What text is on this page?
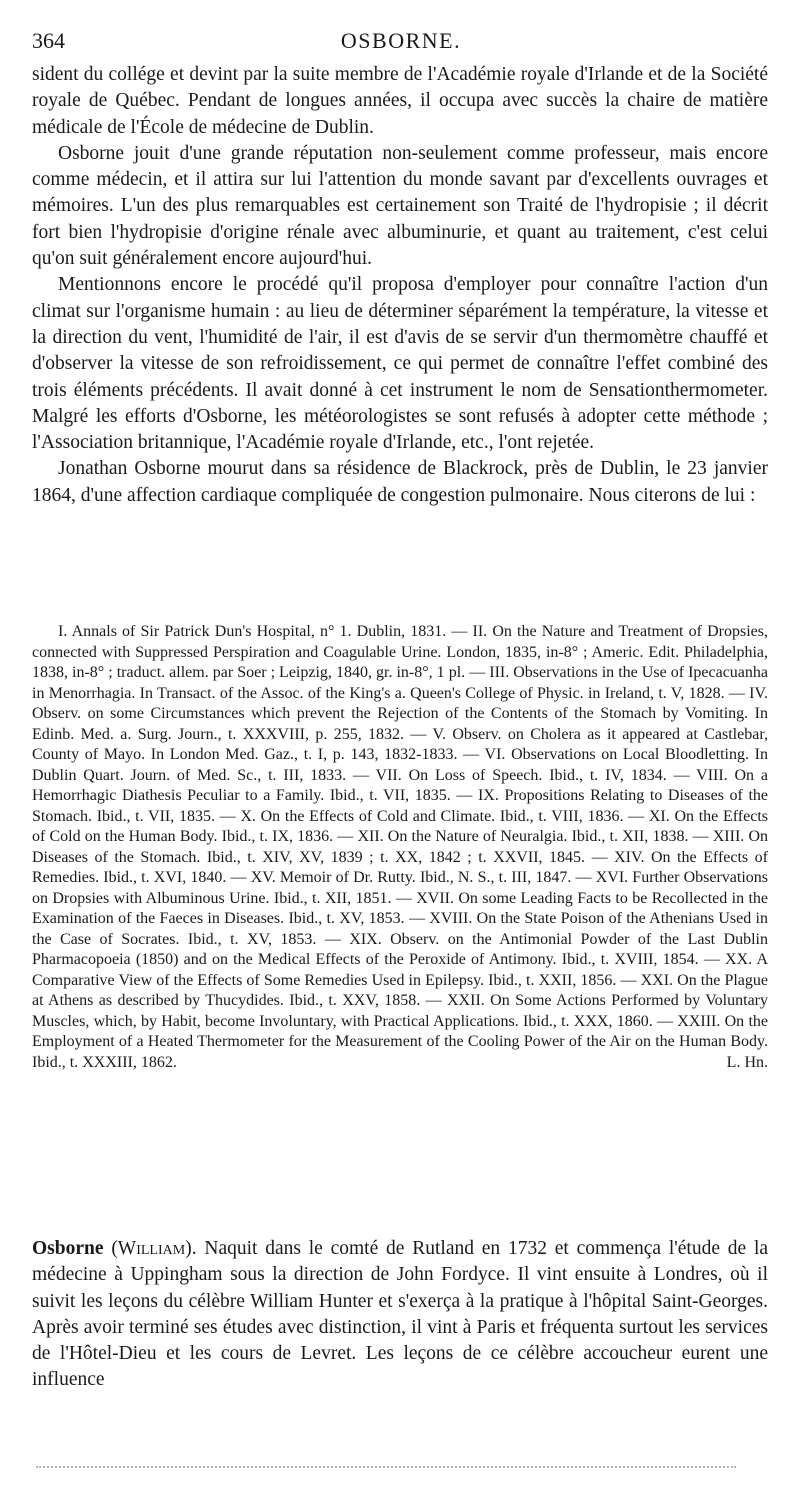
364	OSBORNE.

sident du collége et devint par la suite membre de l'Académie royale d'Irlande et de la Société royale de Québec. Pendant de longues années, il occupa avec succès la chaire de matière médicale de l'École de médecine de Dublin.

Osborne jouit d'une grande réputation non-seulement comme professeur, mais encore comme médecin, et il attira sur lui l'attention du monde savant par d'excellents ouvrages et mémoires. L'un des plus remarquables est certainement son Traité de l'hydropisie ; il décrit fort bien l'hydropisie d'origine rénale avec albuminurie, et quant au traitement, c'est celui qu'on suit généralement encore aujourd'hui.

Mentionnons encore le procédé qu'il proposa d'employer pour connaître l'action d'un climat sur l'organisme humain : au lieu de déterminer séparément la température, la vitesse et la direction du vent, l'humidité de l'air, il est d'avis de se servir d'un thermomètre chauffé et d'observer la vitesse de son refroidissement, ce qui permet de connaître l'effet combiné des trois éléments précédents. Il avait donné à cet instrument le nom de Sensationthermometer. Malgré les efforts d'Osborne, les météorologistes se sont refusés à adopter cette méthode ; l'Association britannique, l'Académie royale d'Irlande, etc., l'ont rejetée.

Jonathan Osborne mourut dans sa résidence de Blackrock, près de Dublin, le 23 janvier 1864, d'une affection cardiaque compliquée de congestion pulmonaire. Nous citerons de lui :

I. Annals of Sir Patrick Dun's Hospital, n° 1. Dublin, 1831. — II. On the Nature and Treatment of Dropsies, connected with Suppressed Perspiration and Coagulable Urine. London, 1835, in-8° ; Americ. Edit. Philadelphia, 1838, in-8° ; traduct. allem. par Soer ; Leipzig, 1840, gr. in-8°, 1 pl. — III. Observations in the Use of Ipecacuanha in Menorrhagia. In Transact. of the Assoc. of the King's a. Queen's College of Physic. in Ireland, t. V, 1828. — IV. Observ. on some Circumstances which prevent the Rejection of the Contents of the Stomach by Vomiting. In Edinb. Med. a. Surg. Journ., t. XXXVIII, p. 255, 1832. — V. Observ. on Cholera as it appeared at Castlebar, County of Mayo. In London Med. Gaz., t. I, p. 143, 1832-1833. — VI. Observations on Local Bloodletting. In Dublin Quart. Journ. of Med. Sc., t. III, 1833. — VII. On Loss of Speech. Ibid., t. IV, 1834. — VIII. On a Hemorrhagic Diathesis Peculiar to a Family. Ibid., t. VII, 1835. — IX. Propositions Relating to Diseases of the Stomach. Ibid., t. VII, 1835. — X. On the Effects of Cold and Climate. Ibid., t. VIII, 1836. — XI. On the Effects of Cold on the Human Body. Ibid., t. IX, 1836. — XII. On the Nature of Neuralgia. Ibid., t. XII, 1838. — XIII. On Diseases of the Stomach. Ibid., t. XIV, XV, 1839 ; t. XX, 1842 ; t. XXVII, 1845. — XIV. On the Effects of Remedies. Ibid., t. XVI, 1840. — XV. Memoir of Dr. Rutty. Ibid., N. S., t. III, 1847. — XVI. Further Observations on Dropsies with Albuminous Urine. Ibid., t. XII, 1851. — XVII. On some Leading Facts to be Recollected in the Examination of the Faeces in Diseases. Ibid., t. XV, 1853. — XVIII. On the State Poison of the Athenians Used in the Case of Socrates. Ibid., t. XV, 1853. — XIX. Observ. on the Antimonial Powder of the Last Dublin Pharmacopoeia (1850) and on the Medical Effects of the Peroxide of Antimony. Ibid., t. XVIII, 1854. — XX. A Comparative View of the Effects of Some Remedies Used in Epilepsy. Ibid., t. XXII, 1856. — XXI. On the Plague at Athens as described by Thucydides. Ibid., t. XXV, 1858. — XXII. On Some Actions Performed by Voluntary Muscles, which, by Habit, become Involuntary, with Practical Applications. Ibid., t. XXX, 1860. — XXIII. On the Employment of a Heated Thermometer for the Measurement of the Cooling Power of the Air on the Human Body. Ibid., t. XXXIII, 1862.	L. Hn.

Osborne (William). Naquit dans le comté de Rutland en 1732 et commença l'étude de la médecine à Uppingham sous la direction de John Fordyce. Il vint ensuite à Londres, où il suivit les leçons du célèbre William Hunter et s'exerça à la pratique à l'hôpital Saint-Georges. Après avoir terminé ses études avec distinction, il vint à Paris et fréquenta surtout les services de l'Hôtel-Dieu et les cours de Levret. Les leçons de ce célèbre accoucheur eurent une influence
